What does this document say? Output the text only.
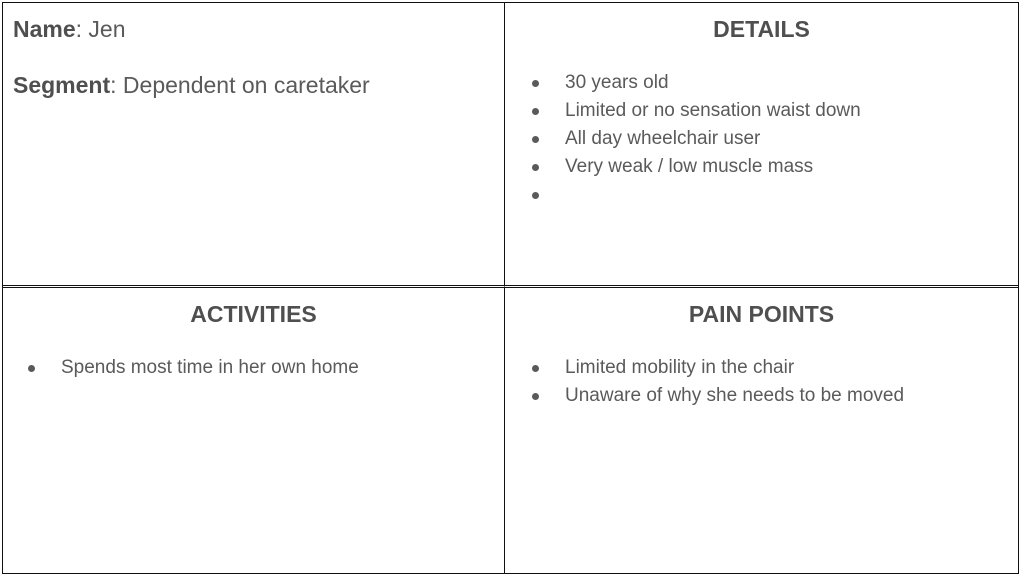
Name: Jen
Segment: Dependent on caretaker
DETAILS
30 years old
Limited or no sensation waist down
All day wheelchair user
Very weak / low muscle mass
ACTIVITIES
Spends most time in her own home
PAIN POINTS
Limited mobility in the chair
Unaware of why she needs to be moved
